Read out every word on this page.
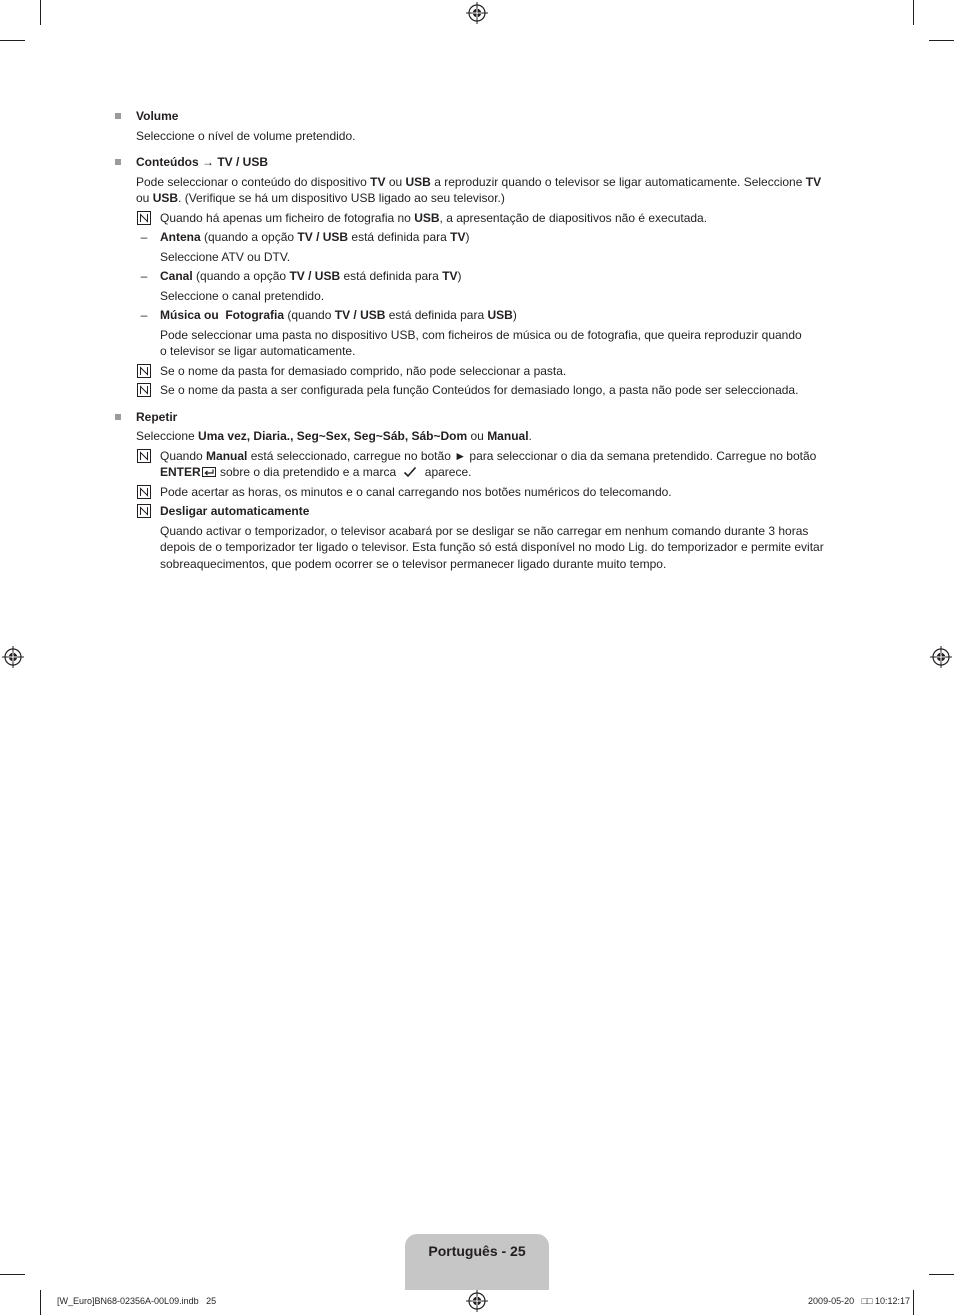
Volume
Seleccione o nível de volume pretendido.
Conteúdos → TV / USB
Pode seleccionar o conteúdo do dispositivo TV ou USB a reproduzir quando o televisor se ligar automaticamente. Seleccione TV
ou USB. (Verifique se há um dispositivo USB ligado ao seu televisor.)
Quando há apenas um ficheiro de fotografia no USB, a apresentação de diapositivos não é executada.
–	Antena (quando a opção TV / USB está definida para TV)
Seleccione ATV ou DTV.
–	Canal (quando a opção TV / USB está definida para TV)
Seleccione o canal pretendido.
–	Música ou  Fotografia (quando TV / USB está definida para USB)
Pode seleccionar uma pasta no dispositivo USB, com ficheiros de música ou de fotografia, que queira reproduzir quando
o televisor se ligar automaticamente.
Se o nome da pasta for demasiado comprido, não pode seleccionar a pasta.
Se o nome da pasta a ser configurada pela função Conteúdos for demasiado longo, a pasta não pode ser seleccionada.
Repetir
Seleccione Uma vez, Diaria., Seg~Sex, Seg~Sáb, Sáb~Dom ou Manual.
Quando Manual está seleccionado, carregue no botão ► para seleccionar o dia da semana pretendido. Carregue no botão
ENTER sobre o dia pretendido e a marca  aparece.
Pode acertar as horas, os minutos e o canal carregando nos botões numéricos do telecomando.
Desligar automaticamente
Quando activar o temporizador, o televisor acabará por se desligar se não carregar em nenhum comando durante 3 horas
depois de o temporizador ter ligado o televisor. Esta função só está disponível no modo Lig. do temporizador e permite evitar
sobreaquecimentos, que podem ocorrer se o televisor permanecer ligado durante muito tempo.
Português - 25
[W_Euro]BN68-02356A-00L09.indb   25	2009-05-20   □□ 10:12:17
